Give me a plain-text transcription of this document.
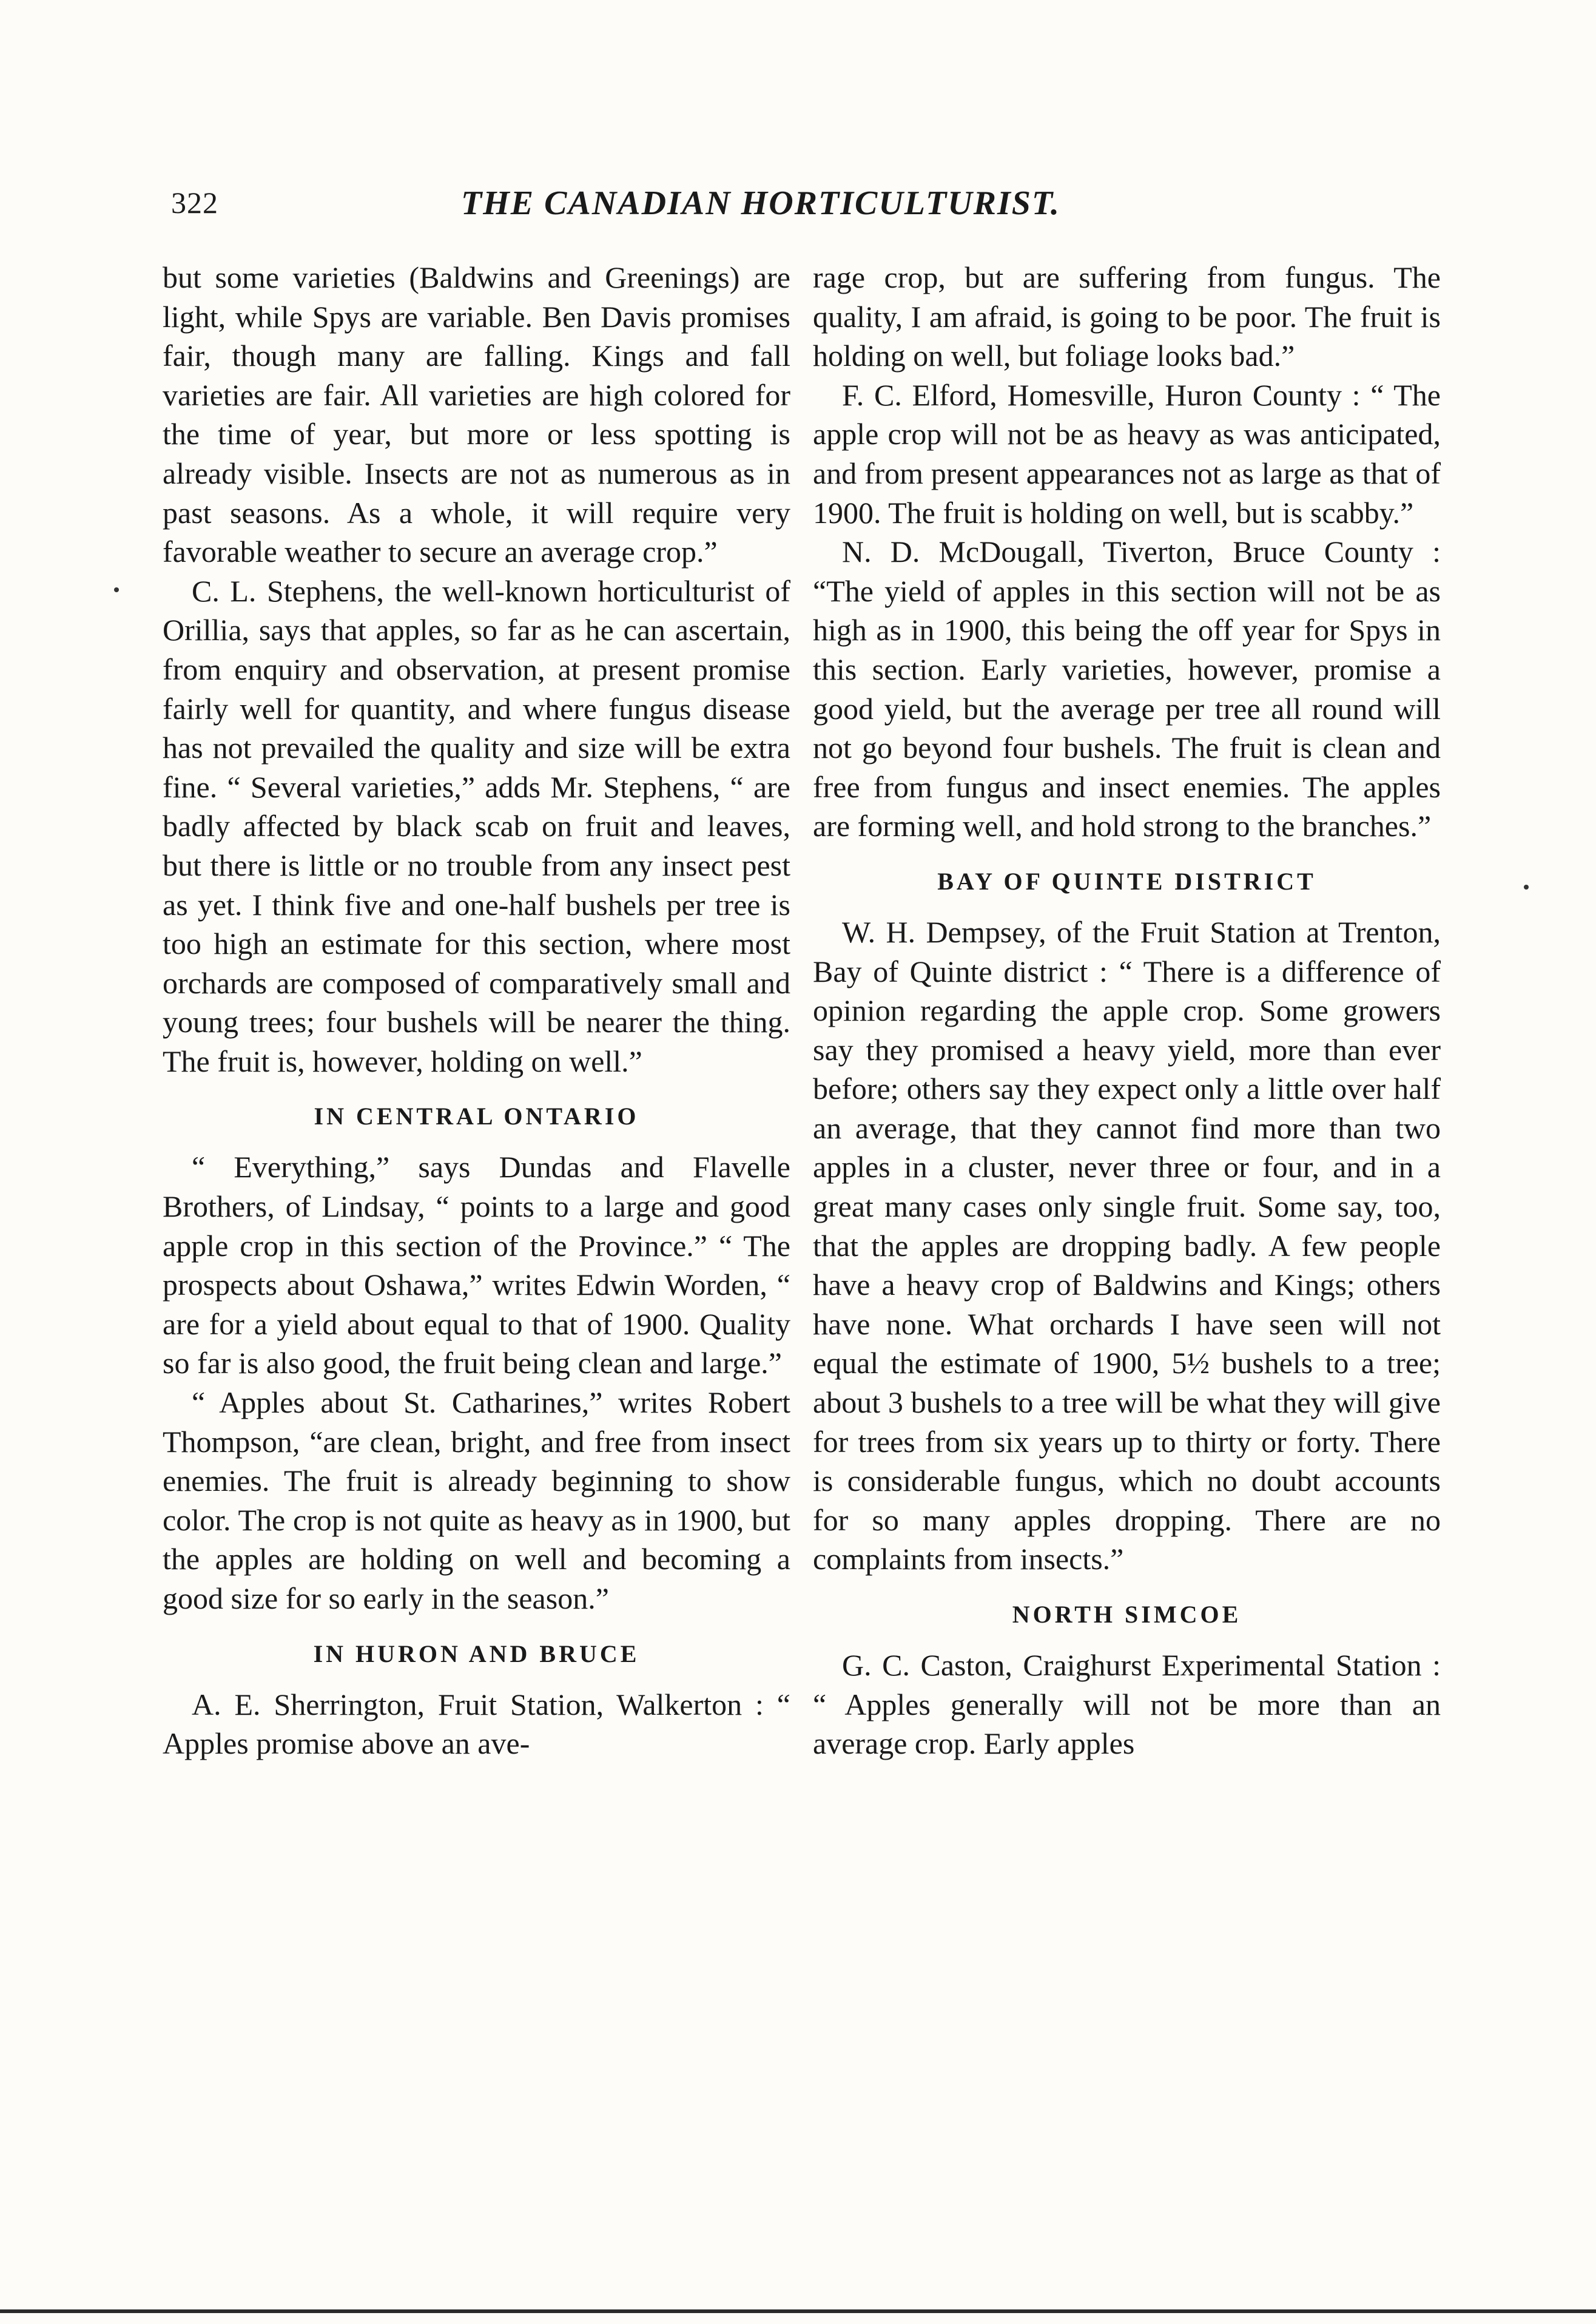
322	THE CANADIAN HORTICULTURIST.

but some varieties (Baldwins and Greenings) are light, while Spys are variable. Ben Davis promises fair, though many are falling. Kings and fall varieties are fair. All varieties are high colored for the time of year, but more or less spotting is already visible. Insects are not as numerous as in past seasons. As a whole, it will require very favorable weather to secure an average crop.”

C. L. Stephens, the well-known horticulturist of Orillia, says that apples, so far as he can ascertain, from enquiry and observation, at present promise fairly well for quantity, and where fungus disease has not prevailed the quality and size will be extra fine. “ Several varieties,” adds Mr. Stephens, “ are badly affected by black scab on fruit and leaves, but there is little or no trouble from any insect pest as yet. I think five and one-half bushels per tree is too high an estimate for this section, where most orchards are composed of comparatively small and young trees; four bushels will be nearer the thing. The fruit is, however, holding on well.”

IN CENTRAL ONTARIO

“ Everything,” says Dundas and Flavelle Brothers, of Lindsay, “ points to a large and good apple crop in this section of the Province.” “ The prospects about Oshawa,” writes Edwin Worden, “ are for a yield about equal to that of 1900. Quality so far is also good, the fruit being clean and large.”

“ Apples about St. Catharines,” writes Robert Thompson, “are clean, bright, and free from insect enemies. The fruit is already beginning to show color. The crop is not quite as heavy as in 1900, but the apples are holding on well and becoming a good size for so early in the season.”

IN HURON AND BRUCE

A. E. Sherrington, Fruit Station, Walkerton : “ Apples promise above an ave-

rage crop, but are suffering from fungus. The quality, I am afraid, is going to be poor. The fruit is holding on well, but foliage looks bad.”

F. C. Elford, Homesville, Huron County : “ The apple crop will not be as heavy as was anticipated, and from present appearances not as large as that of 1900. The fruit is holding on well, but is scabby.”

N. D. McDougall, Tiverton, Bruce County : “The yield of apples in this section will not be as high as in 1900, this being the off year for Spys in this section. Early varieties, however, promise a good yield, but the average per tree all round will not go beyond four bushels. The fruit is clean and free from fungus and insect enemies. The apples are forming well, and hold strong to the branches.”

BAY OF QUINTE DISTRICT

W. H. Dempsey, of the Fruit Station at Trenton, Bay of Quinte district : “ There is a difference of opinion regarding the apple crop. Some growers say they promised a heavy yield, more than ever before; others say they expect only a little over half an average, that they cannot find more than two apples in a cluster, never three or four, and in a great many cases only single fruit. Some say, too, that the apples are dropping badly. A few people have a heavy crop of Baldwins and Kings; others have none. What orchards I have seen will not equal the estimate of 1900, 5½ bushels to a tree; about 3 bushels to a tree will be what they will give for trees from six years up to thirty or forty. There is considerable fungus, which no doubt accounts for so many apples dropping. There are no complaints from insects.”

NORTH SIMCOE

G. C. Caston, Craighurst Experimental Station : “ Apples generally will not be more than an average crop. Early apples
